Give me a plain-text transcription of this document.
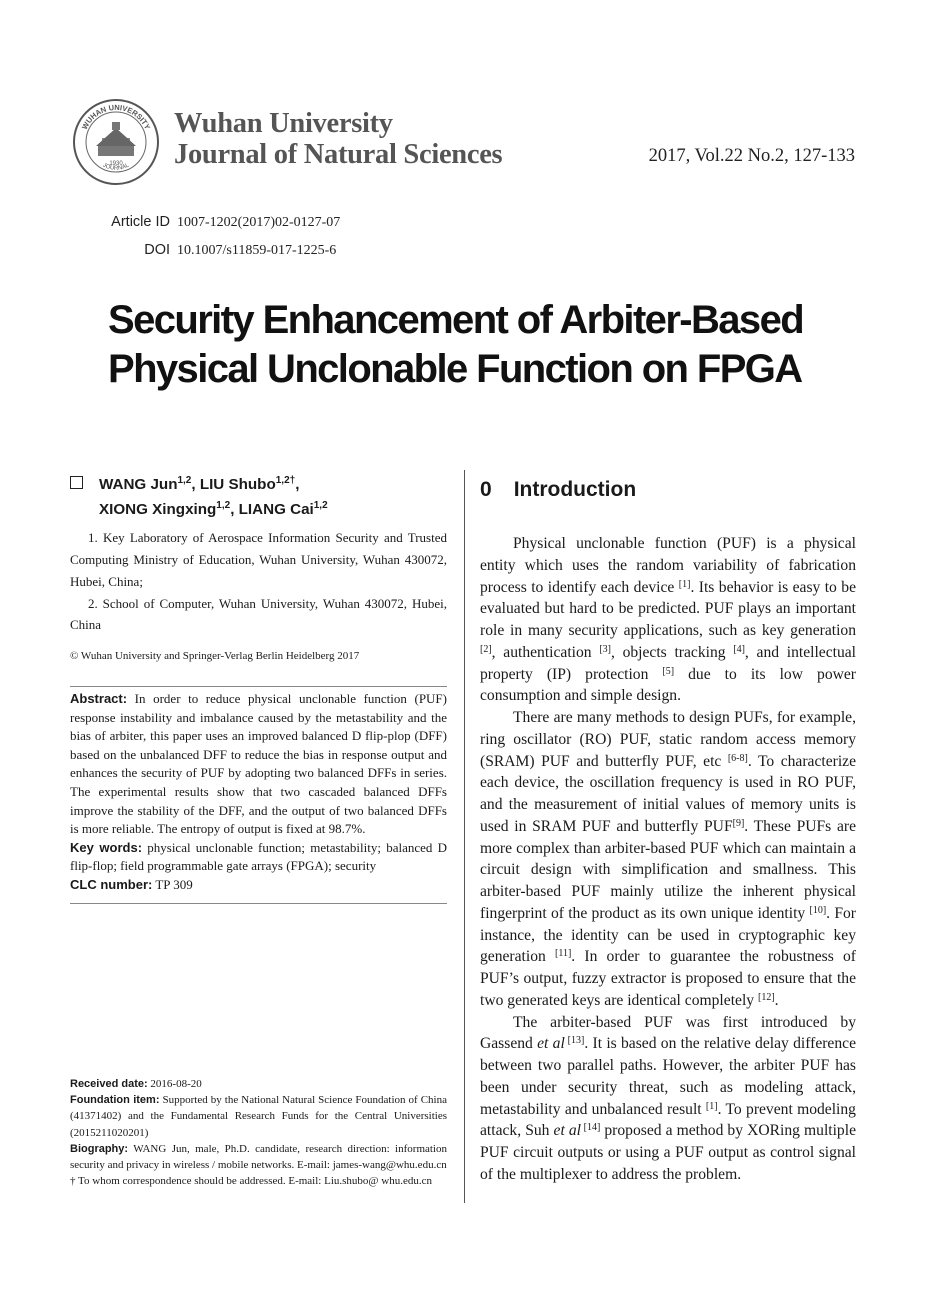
WUHAN UNIVERSITY
JOURNAL
1930
Wuhan University
Journal of Natural Sciences	2017, Vol.22 No.2, 127-133
Article ID 1007-1202(2017)02-0127-07
DOI 10.1007/s11859-017-1225-6
Security Enhancement of Arbiter-Based
Physical Unclonable Function on FPGA
WANG Jun$^{1,2}$, LIU Shubo$^{1,2\dagger}$,
XIONG Xingxing$^{1,2}$, LIANG Cai$^{1,2}$
1. Key Laboratory of Aerospace Information Security and Trusted Computing Ministry of Education, Wuhan University, Wuhan 430072, Hubei, China;
2. School of Computer, Wuhan University, Wuhan 430072, Hubei, China
© Wuhan University and Springer-Verlag Berlin Heidelberg 2017
Abstract: In order to reduce physical unclonable function (PUF) response instability and imbalance caused by the metastability and the bias of arbiter, this paper uses an improved balanced D flip-plop (DFF) based on the unbalanced DFF to reduce the bias in response output and enhances the security of PUF by adopting two balanced DFFs in series. The experimental results show that two cascaded balanced DFFs improve the stability of the DFF, and the output of two balanced DFFs is more reliable. The entropy of output is fixed at 98.7%.
Key words: physical unclonable function; metastability; balanced D flip-flop; field programmable gate arrays (FPGA); security
CLC number: TP 309
Received date: 2016-08-20
Foundation item: Supported by the National Natural Science Foundation of China (41371402) and the Fundamental Research Funds for the Central Universities (2015211020201)
Biography: WANG Jun, male, Ph.D. candidate, research direction: information security and privacy in wireless / mobile networks. E-mail: james-wang@whu.edu.cn
† To whom correspondence should be addressed. E-mail: Liu.shubo@ whu.edu.cn
0 Introduction

Physical unclonable function (PUF) is a physical entity which uses the random variability of fabrication process to identify each device [1]. Its behavior is easy to be evaluated but hard to be predicted. PUF plays an important role in many security applications, such as key generation [2], authentication [3], objects tracking [4], and intellectual property (IP) protection [5] due to its low power consumption and simple design.

There are many methods to design PUFs, for example, ring oscillator (RO) PUF, static random access memory (SRAM) PUF and butterfly PUF, etc [6-8]. To characterize each device, the oscillation frequency is used in RO PUF, and the measurement of initial values of memory units is used in SRAM PUF and butterfly PUF[9]. These PUFs are more complex than arbiter-based PUF which can maintain a circuit design with simplification and smallness. This arbiter-based PUF mainly utilize the inherent physical fingerprint of the product as its own unique identity [10]. For instance, the identity can be used in cryptographic key generation [11]. In order to guarantee the robustness of PUF’s output, fuzzy extractor is proposed to ensure that the two generated keys are identical completely [12].

The arbiter-based PUF was first introduced by Gassend et al [13]. It is based on the relative delay difference between two parallel paths. However, the arbiter PUF has been under security threat, such as modeling attack, metastability and unbalanced result [1]. To prevent modeling attack, Suh et al [14] proposed a method by XORing multiple PUF circuit outputs or using a PUF output as control signal of the multiplexer to address the problem.
